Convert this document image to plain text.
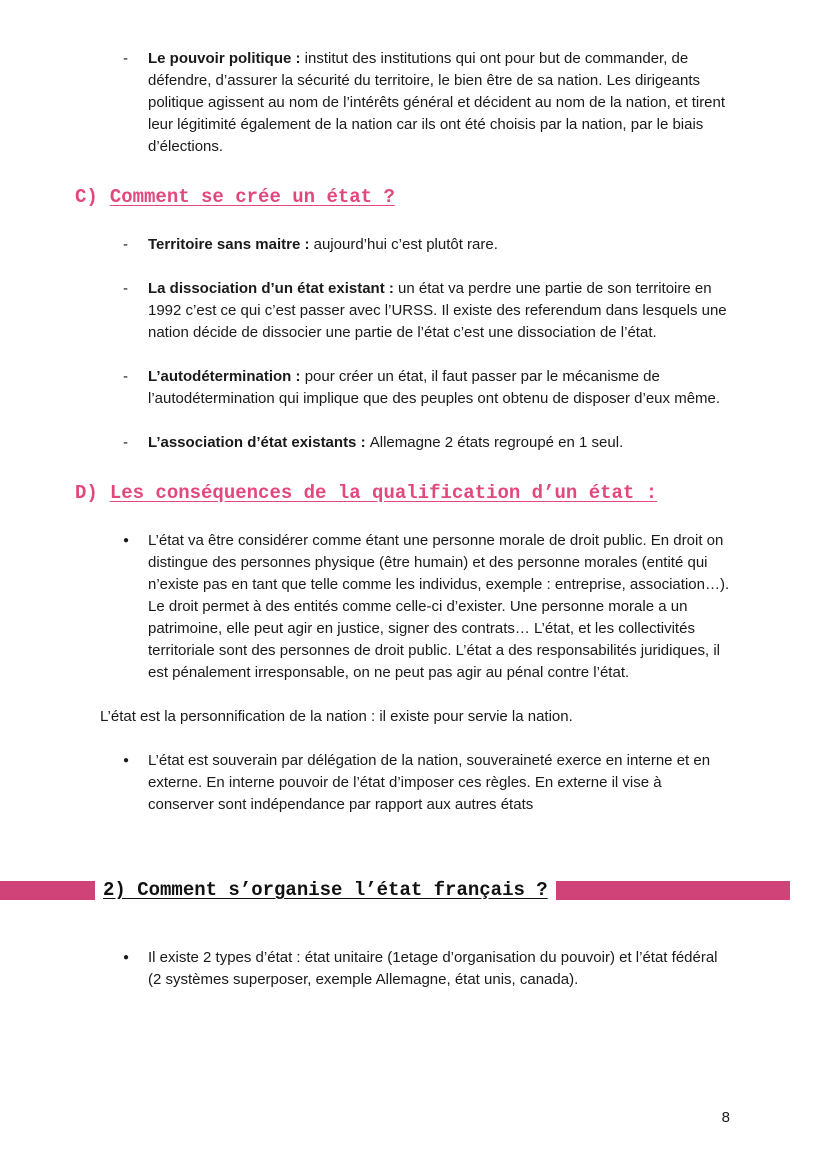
-	Le pouvoir politique : institut des institutions qui ont pour but de commander, de défendre, d’assurer la sécurité du territoire, le bien être de sa nation. Les dirigeants politique agissent au nom de l’intérêts général et décident au nom de la nation, et tirent leur légitimité également de la nation car ils ont été choisis par la nation, par le biais d’élections.
C) Comment se crée un état ?
-	Territoire sans maitre : aujourd’hui c’est plutôt rare.
-	La dissociation d’un état existant : un état va perdre une partie de son territoire en 1992 c’est ce qui c’est passer avec l’URSS. Il existe des referendum dans lesquels une nation décide de dissocier une partie de l’état c’est une dissociation de l’état.
-	L’autodétermination : pour créer un état, il faut passer par le mécanisme de l’autodétermination qui implique que des peuples ont obtenu de disposer d’eux même.
-	L’association d’état existants : Allemagne 2 états regroupé en 1 seul.
D) Les conséquences de la qualification d’un état :
●	L’état va être considérer comme étant une personne morale de droit public. En droit on distingue des personnes physique (être humain) et des personne morales (entité qui n’existe pas en tant que telle comme les individus, exemple : entreprise, association…). Le droit permet à des entités comme celle-ci d’exister. Une personne morale a un patrimoine, elle peut agir en justice, signer des contrats… L’état, et les collectivités territoriale sont des personnes de droit public. L’état a des responsabilités juridiques, il est pénalement irresponsable, on ne peut pas agir au pénal contre l’état.

L’état est la personnification de la nation : il existe pour servie la nation.

●	L’état est souverain par délégation de la nation, souveraineté exerce en interne et en externe. En interne pouvoir de l’état d’imposer ces règles. En externe il vise à conserver sont indépendance par rapport aux autres états
2) Comment s’organise l’état français ?
●	Il existe 2 types d’état : état unitaire (1etage d’organisation du pouvoir) et l’état fédéral (2 systèmes superposer, exemple Allemagne, état unis, canada).
8
